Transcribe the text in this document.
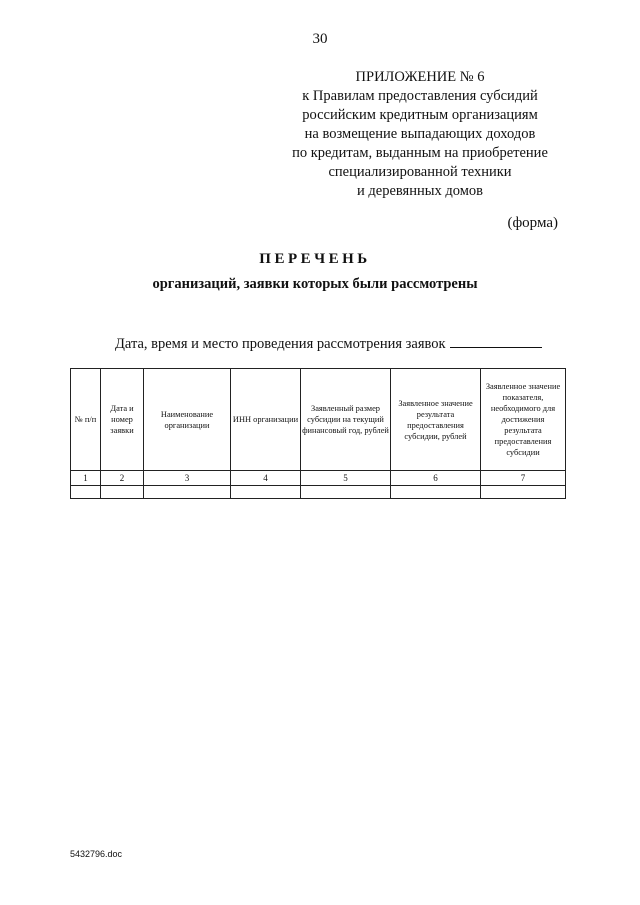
30
ПРИЛОЖЕНИЕ № 6
к Правилам предоставления субсидий
российским кредитным организациям
на возмещение выпадающих доходов
по кредитам, выданным на приобретение
специализированной техники
и деревянных домов
(форма)
ПЕРЕЧЕНЬ
организаций, заявки которых были рассмотрены
Дата, время и место проведения рассмотрения заявок
№ п/п	Дата и номер заявки	Наименование организации	ИНН организации	Заявленный размер субсидии на текущий финансовый год, рублей	Заявленное значение результата предоставления субсидии, рублей	Заявленное значение показателя, необходимого для достижения результата предоставления субсидии
1	2	3	4	5	6	7

5432796.doc
